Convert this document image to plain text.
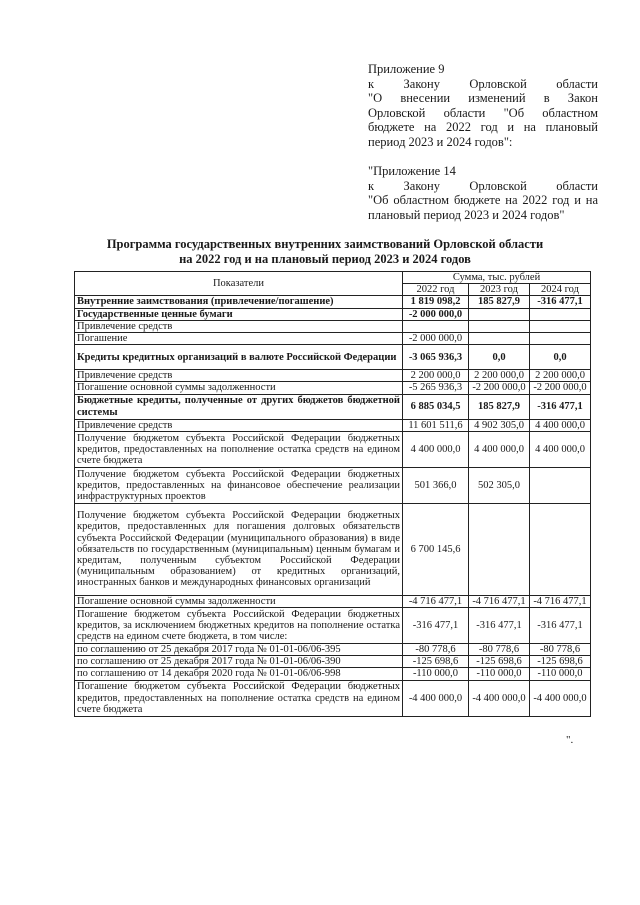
Приложение 9

к Закону Орловской области

"О внесении изменений в Закон

Орловской области "Об областном бюджете на 2022 год и на плановый период 2023 и 2024 годов":

"Приложение 14

к Закону Орловской области

"Об областном бюджете на 2022 год и на плановый период 2023 и 2024 годов"

Программа государственных внутренних заимствований Орловской области

на 2022 год и на плановый период 2023 и 2024 годов

Показатели	Сумма, тыс. рублей		
	2022 год	2023 год	2024 год
Внутренние заимствования (привлечение/погашение)	1 819 098,2	185 827,9	-316 477,1
Государственные ценные бумаги	-2 000 000,0		
Привлечение средств			
Погашение	-2 000 000,0		
Кредиты кредитных организаций в валюте Российской Федерации	-3 065 936,3	0,0	0,0
Привлечение средств	2 200 000,0	2 200 000,0	2 200 000,0
Погашение основной суммы задолженности	-5 265 936,3	-2 200 000,0	-2 200 000,0
Бюджетные кредиты, полученные от других бюджетов бюджетной системы	6 885 034,5	185 827,9	-316 477,1
Привлечение средств	11 601 511,6	4 902 305,0	4 400 000,0
Получение бюджетом субъекта Российской Федерации бюджетных кредитов, предоставленных на пополнение остатка средств на едином счете бюджета	4 400 000,0	4 400 000,0	4 400 000,0
Получение бюджетом субъекта Российской Федерации бюджетных кредитов, предоставленных на финансовое обеспечение реализации инфраструктурных проектов	501 366,0	502 305,0	
Получение бюджетом субъекта Российской Федерации бюджетных кредитов, предоставленных для погашения долговых обязательств субъекта Российской Федерации (муниципального образования) в виде обязательств по государственным (муниципальным) ценным бумагам и кредитам, полученным субъектом Российской Федерации (муниципальным образованием) от кредитных организаций, иностранных банков и международных финансовых организаций	6 700 145,6		
Погашение основной суммы задолженности	-4 716 477,1	-4 716 477,1	-4 716 477,1
Погашение бюджетом субъекта Российской Федерации бюджетных кредитов, за исключением бюджетных кредитов на пополнение остатка средств на едином счете бюджета, в том числе:	-316 477,1	-316 477,1	-316 477,1
по соглашению от 25 декабря 2017 года № 01-01-06/06-395	-80 778,6	-80 778,6	-80 778,6
по соглашению от 25 декабря 2017 года № 01-01-06/06-390	-125 698,6	-125 698,6	-125 698,6
по соглашению от 14 декабря 2020 года № 01-01-06/06-998	-110 000,0	-110 000,0	-110 000,0
Погашение бюджетом субъекта Российской Федерации бюджетных кредитов, предоставленных на пополнение остатка средств на едином счете бюджета	-4 400 000,0	-4 400 000,0	-4 400 000,0
".
